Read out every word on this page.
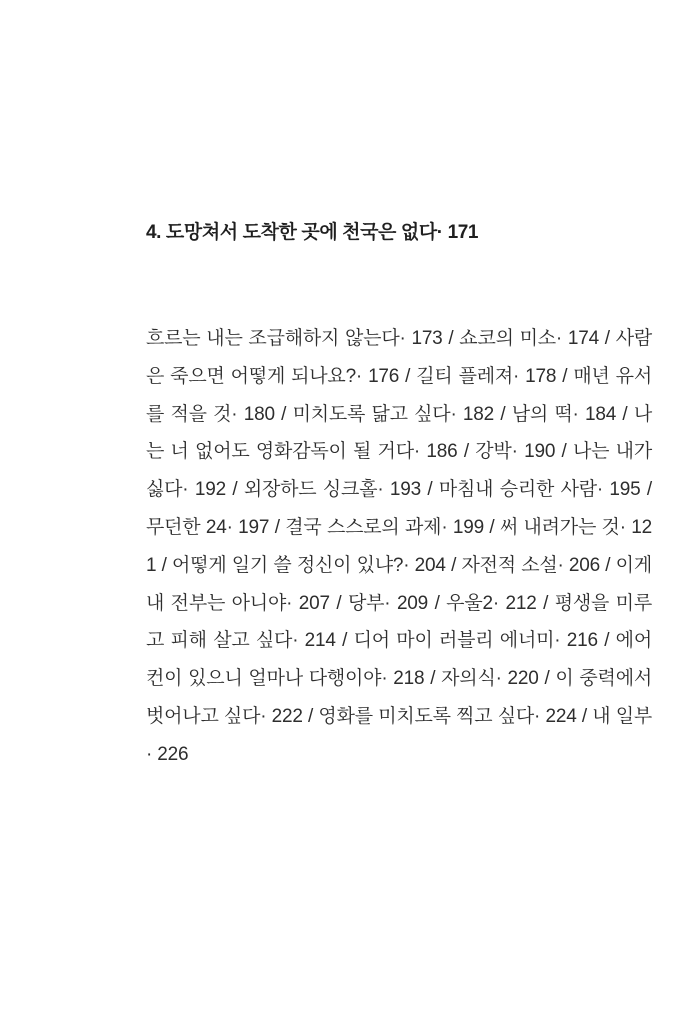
4. 도망쳐서 도착한 곳에 천국은 없다· 171

흐르는 내는 조급해하지 않는다· 173 / 쇼코의 미소· 174 / 사람은 죽으면 어떻게 되나요?· 176 / 길티 플레져· 178 / 매년 유서를 적을 것· 180 / 미치도록 닮고 싶다· 182 / 남의 떡· 184 / 나는 너 없어도 영화감독이 될 거다· 186 / 강박· 190 / 나는 내가 싫다· 192 / 외장하드 싱크홀· 193 / 마침내 승리한 사람· 195 / 무던한 24· 197 / 결국 스스로의 과제· 199 / 써 내려가는 것· 121 / 어떻게 일기 쓸 정신이 있냐?· 204 / 자전적 소설· 206 / 이게 내 전부는 아니야· 207 / 당부· 209 / 우울2· 212 / 평생을 미루고 피해 살고 싶다· 214 / 디어 마이 러블리 에너미· 216 / 에어컨이 있으니 얼마나 다행이야· 218 / 자의식· 220 / 이 중력에서 벗어나고 싶다· 222 / 영화를 미치도록 찍고 싶다· 224 / 내 일부· 226
